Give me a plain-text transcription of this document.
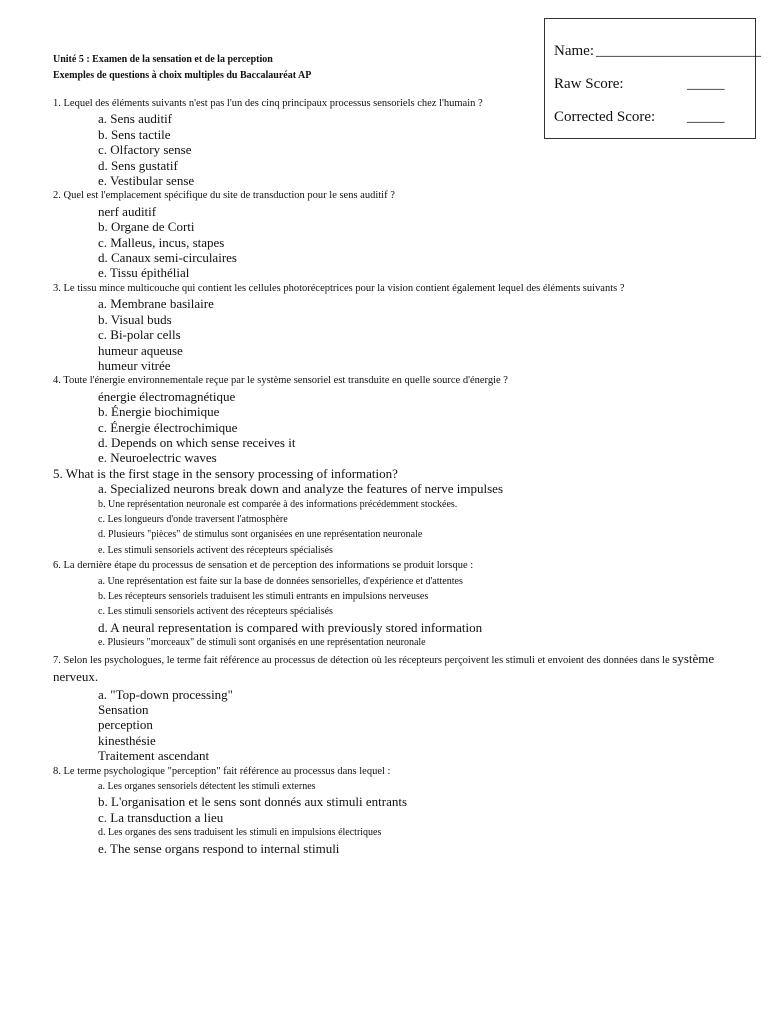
Name: ______________________
Raw Score:	_____
Corrected Score: _____
Unité 5 : Examen de la sensation et de la perception
Exemples de questions à choix multiples du Baccalauréat AP
1. Lequel des éléments suivants n'est pas l'un des cinq principaux processus sensoriels chez l'humain ?
a. Sens auditif
b. Sens tactile
c. Olfactory sense
d. Sens gustatif
e. Vestibular sense
2. Quel est l'emplacement spécifique du site de transduction pour le sens auditif ?
nerf auditif
b. Organe de Corti
c. Malleus, incus, stapes
d. Canaux semi-circulaires
e. Tissu épithélial
3. Le tissu mince multicouche qui contient les cellules photoréceptrices pour la vision contient également lequel des éléments suivants ?
a. Membrane basilaire
b. Visual buds
c. Bi-polar cells
humeur aqueuse
humeur vitrée
4. Toute l'énergie environnementale reçue par le système sensoriel est transduite en quelle source d'énergie ?
énergie électromagnétique
b. Énergie biochimique
c. Énergie électrochimique
d. Depends on which sense receives it
e. Neuroelectric waves
5. What is the first stage in the sensory processing of information?
a. Specialized neurons break down and analyze the features of nerve impulses
b. Une représentation neuronale est comparée à des informations précédemment stockées.
c. Les longueurs d'onde traversent l'atmosphère
d. Plusieurs "pièces" de stimulus sont organisées en une représentation neuronale
e. Les stimuli sensoriels activent des récepteurs spécialisés
6. La dernière étape du processus de sensation et de perception des informations se produit lorsque :
a. Une représentation est faite sur la base de données sensorielles, d'expérience et d'attentes
b. Les récepteurs sensoriels traduisent les stimuli entrants en impulsions nerveuses
c. Les stimuli sensoriels activent des récepteurs spécialisés
d. A neural representation is compared with previously stored information
e. Plusieurs "morceaux" de stimuli sont organisés en une représentation neuronale
7. Selon les psychologues, le terme fait référence au processus de détection où les récepteurs perçoivent les stimuli et envoient des données dans le système nerveux.
a. "Top-down processing"
Sensation
perception
kinesthésie
Traitement ascendant
8. Le terme psychologique "perception" fait référence au processus dans lequel :
a. Les organes sensoriels détectent les stimuli externes
b. L'organisation et le sens sont donnés aux stimuli entrants
c. La transduction a lieu
d. Les organes des sens traduisent les stimuli en impulsions électriques
e. The sense organs respond to internal stimuli
